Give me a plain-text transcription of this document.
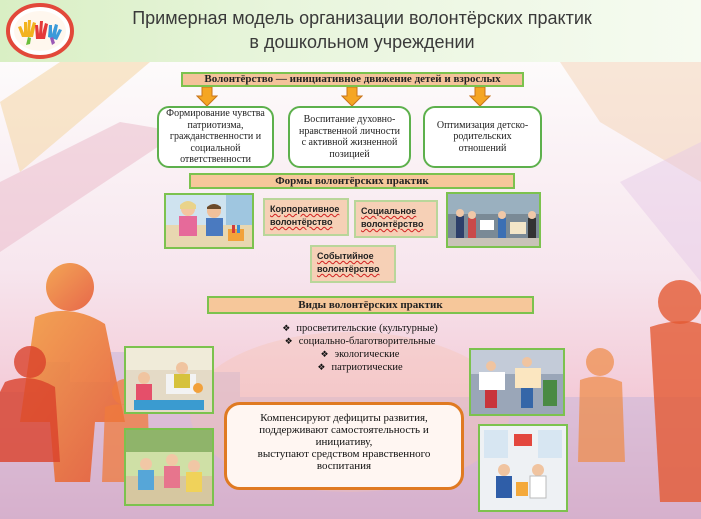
Примерная модель организации волонтёрских практик
в дошкольном учреждении
Волонтёрство — инициативное движение детей и взрослых
Формирование чувства патриотизма, гражданственности и социальной ответственности
Воспитание духовно-нравственной личности с активной жизненной позицией
Оптимизация детско-родительских отношений
Формы волонтёрских практик
Корпоративное волонтёрство
Социальное волонтёрство
Событийное волонтёрство
Виды волонтёрских практик
❖ просветительские (культурные)
❖ социально-благотворительные
❖ экологические
❖ патриотические
Компенсируют дефициты развития, поддерживают самостоятельность и инициативу,
выступают средством нравственного воспитания
